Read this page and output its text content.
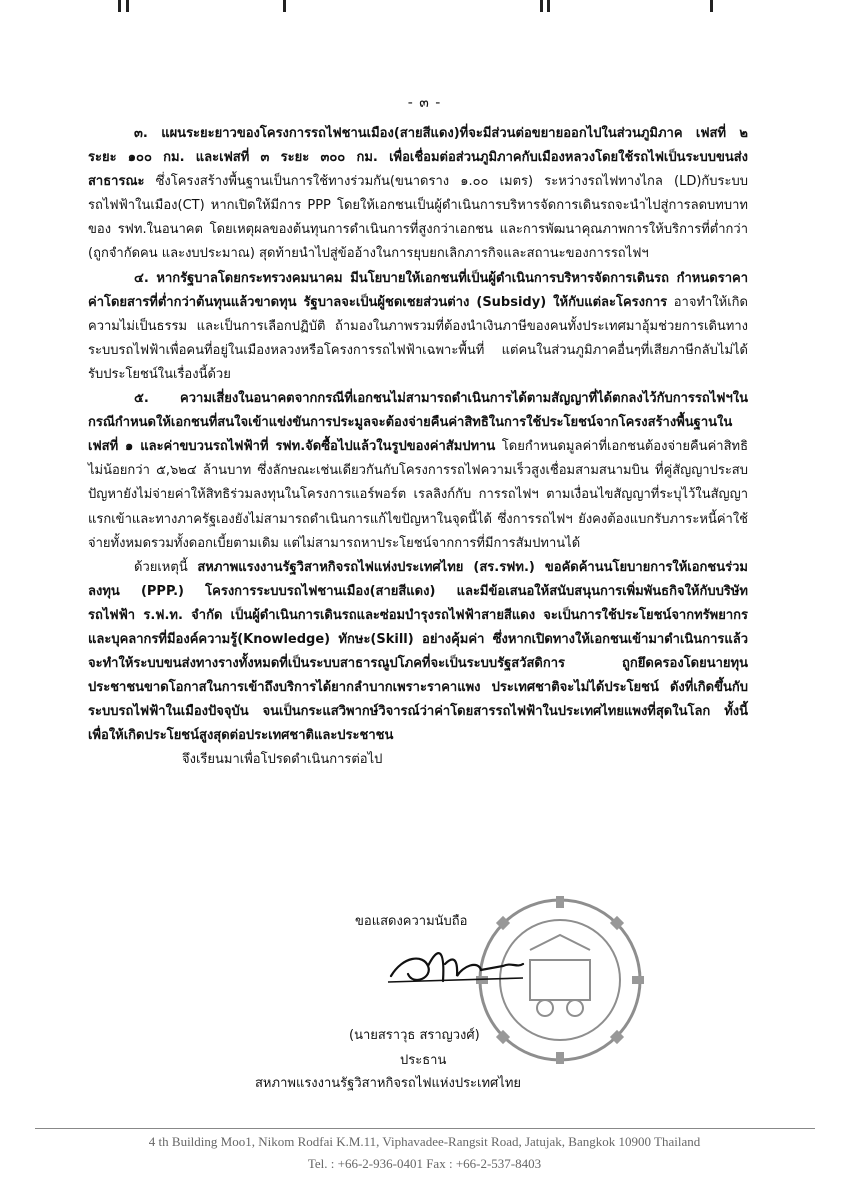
- ๓ -

๓. แผนระยะยาวของโครงการรถไฟชานเมือง(สายสีแดง)ที่จะมีส่วนต่อขยายออกไปในส่วนภูมิภาค เฟสที่ ๒ ระยะ ๑๐๐ กม. และเฟสที่ ๓ ระยะ ๓๐๐ กม. เพื่อเชื่อมต่อส่วนภูมิภาคกับเมืองหลวงโดยใช้รถไฟเป็นระบบขนส่งสาธารณะ ซึ่งโครงสร้างพื้นฐานเป็นการใช้ทางร่วมกัน(ขนาดราง ๑.๐๐ เมตร) ระหว่างรถไฟทางไกล (LD)กับระบบรถไฟฟ้าในเมือง(CT) หากเปิดให้มีการ PPP โดยให้เอกชนเป็นผู้ดำเนินการบริหารจัดการเดินรถจะนำไปสู่การลดบทบาทของ รฟท.ในอนาคต โดยเหตุผลของต้นทุนการดำเนินการที่สูงกว่าเอกชน และการพัฒนาคุณภาพการให้บริการที่ต่ำกว่า (ถูกจำกัดคน และงบประมาณ) สุดท้ายนำไปสู่ข้ออ้างในการยุบยกเลิกภารกิจและสถานะของการรถไฟฯ

๔. หากรัฐบาลโดยกระทรวงคมนาคม มีนโยบายให้เอกชนที่เป็นผู้ดำเนินการบริหารจัดการเดินรถ กำหนดราคาค่าโดยสารที่ต่ำกว่าต้นทุนแล้วขาดทุน รัฐบาลจะเป็นผู้ชดเชยส่วนต่าง (Subsidy) ให้กับแต่ละโครงการ อาจทำให้เกิดความไม่เป็นธรรม และเป็นการเลือกปฏิบัติ ถ้ามองในภาพรวมที่ต้องนำเงินภาษีของคนทั้งประเทศมาอุ้มช่วยการเดินทางระบบรถไฟฟ้าเพื่อคนที่อยู่ในเมืองหลวงหรือโครงการรถไฟฟ้าเฉพาะพื้นที่ แต่คนในส่วนภูมิภาคอื่นๆที่เสียภาษีกลับไม่ได้รับประโยชน์ในเรื่องนี้ด้วย

๕. ความเสี่ยงในอนาคตจากกรณีที่เอกชนไม่สามารถดำเนินการได้ตามสัญญาที่ได้ตกลงไว้กับการรถไฟฯในกรณีกำหนดให้เอกชนที่สนใจเข้าแข่งขันการประมูลจะต้องจ่ายคืนค่าสิทธิในการใช้ประโยชน์จากโครงสร้างพื้นฐานในเฟสที่ ๑ และค่าขบวนรถไฟฟ้าที่ รฟท.จัดซื้อไปแล้วในรูปของค่าสัมปทาน โดยกำหนดมูลค่าที่เอกชนต้องจ่ายคืนค่าสิทธิไม่น้อยกว่า ๕,๖๒๔ ล้านบาท ซึ่งลักษณะเช่นเดียวกันกับโครงการรถไฟความเร็วสูงเชื่อมสามสนามบิน ที่คู่สัญญาประสบปัญหายังไม่จ่ายค่าให้สิทธิร่วมลงทุนในโครงการแอร์พอร์ต เรลลิงก์กับ การรถไฟฯ ตามเงื่อนไขสัญญาที่ระบุไว้ในสัญญาแรกเข้าและทางภาครัฐเองยังไม่สามารถดำเนินการแก้ไขปัญหาในจุดนี้ได้ ซึ่งการรถไฟฯ ยังคงต้องแบกรับภาระหนี้ค่าใช้จ่ายทั้งหมดรวมทั้งดอกเบี้ยตามเดิม แต่ไม่สามารถหาประโยชน์จากการที่มีการสัมปทานได้

ด้วยเหตุนี้ สหภาพแรงงานรัฐวิสาหกิจรถไฟแห่งประเทศไทย (สร.รฟท.) ขอคัดค้านนโยบายการให้เอกชนร่วมลงทุน (PPP.) โครงการระบบรถไฟชานเมือง(สายสีแดง) และมีข้อเสนอให้สนับสนุนการเพิ่มพันธกิจให้กับบริษัท รถไฟฟ้า ร.ฟ.ท. จำกัด เป็นผู้ดำเนินการเดินรถและซ่อมบำรุงรถไฟฟ้าสายสีแดง จะเป็นการใช้ประโยชน์จากทรัพยากร และบุคลากรที่มีองค์ความรู้(Knowledge) ทักษะ(Skill) อย่างคุ้มค่า ซึ่งหากเปิดทางให้เอกชนเข้ามาดำเนินการแล้วจะทำให้ระบบขนส่งทางรางทั้งหมดที่เป็นระบบสาธารณูปโภคที่จะเป็นระบบรัฐสวัสดิการ ถูกยึดครองโดยนายทุน ประชาชนขาดโอกาสในการเข้าถึงบริการได้ยากลำบากเพราะราคาแพง ประเทศชาติจะไม่ได้ประโยชน์ ดังที่เกิดขึ้นกับระบบรถไฟฟ้าในเมืองปัจจุบัน จนเป็นกระแสวิพากษ์วิจารณ์ว่าค่าโดยสารรถไฟฟ้าในประเทศไทยแพงที่สุดในโลก ทั้งนี้เพื่อให้เกิดประโยชน์สูงสุดต่อประเทศชาติและประชาชน

จึงเรียนมาเพื่อโปรดดำเนินการต่อไป

ขอแสดงความนับถือ
(นายสราวุธ สราญวงศ์)
ประธาน
สหภาพแรงงานรัฐวิสาหกิจรถไฟแห่งประเทศไทย
4 th Building Moo1, Nikom Rodfai K.M.11, Viphavadee-Rangsit Road, Jatujak, Bangkok 10900 Thailand
Tel. : +66-2-936-0401 Fax : +66-2-537-8403
